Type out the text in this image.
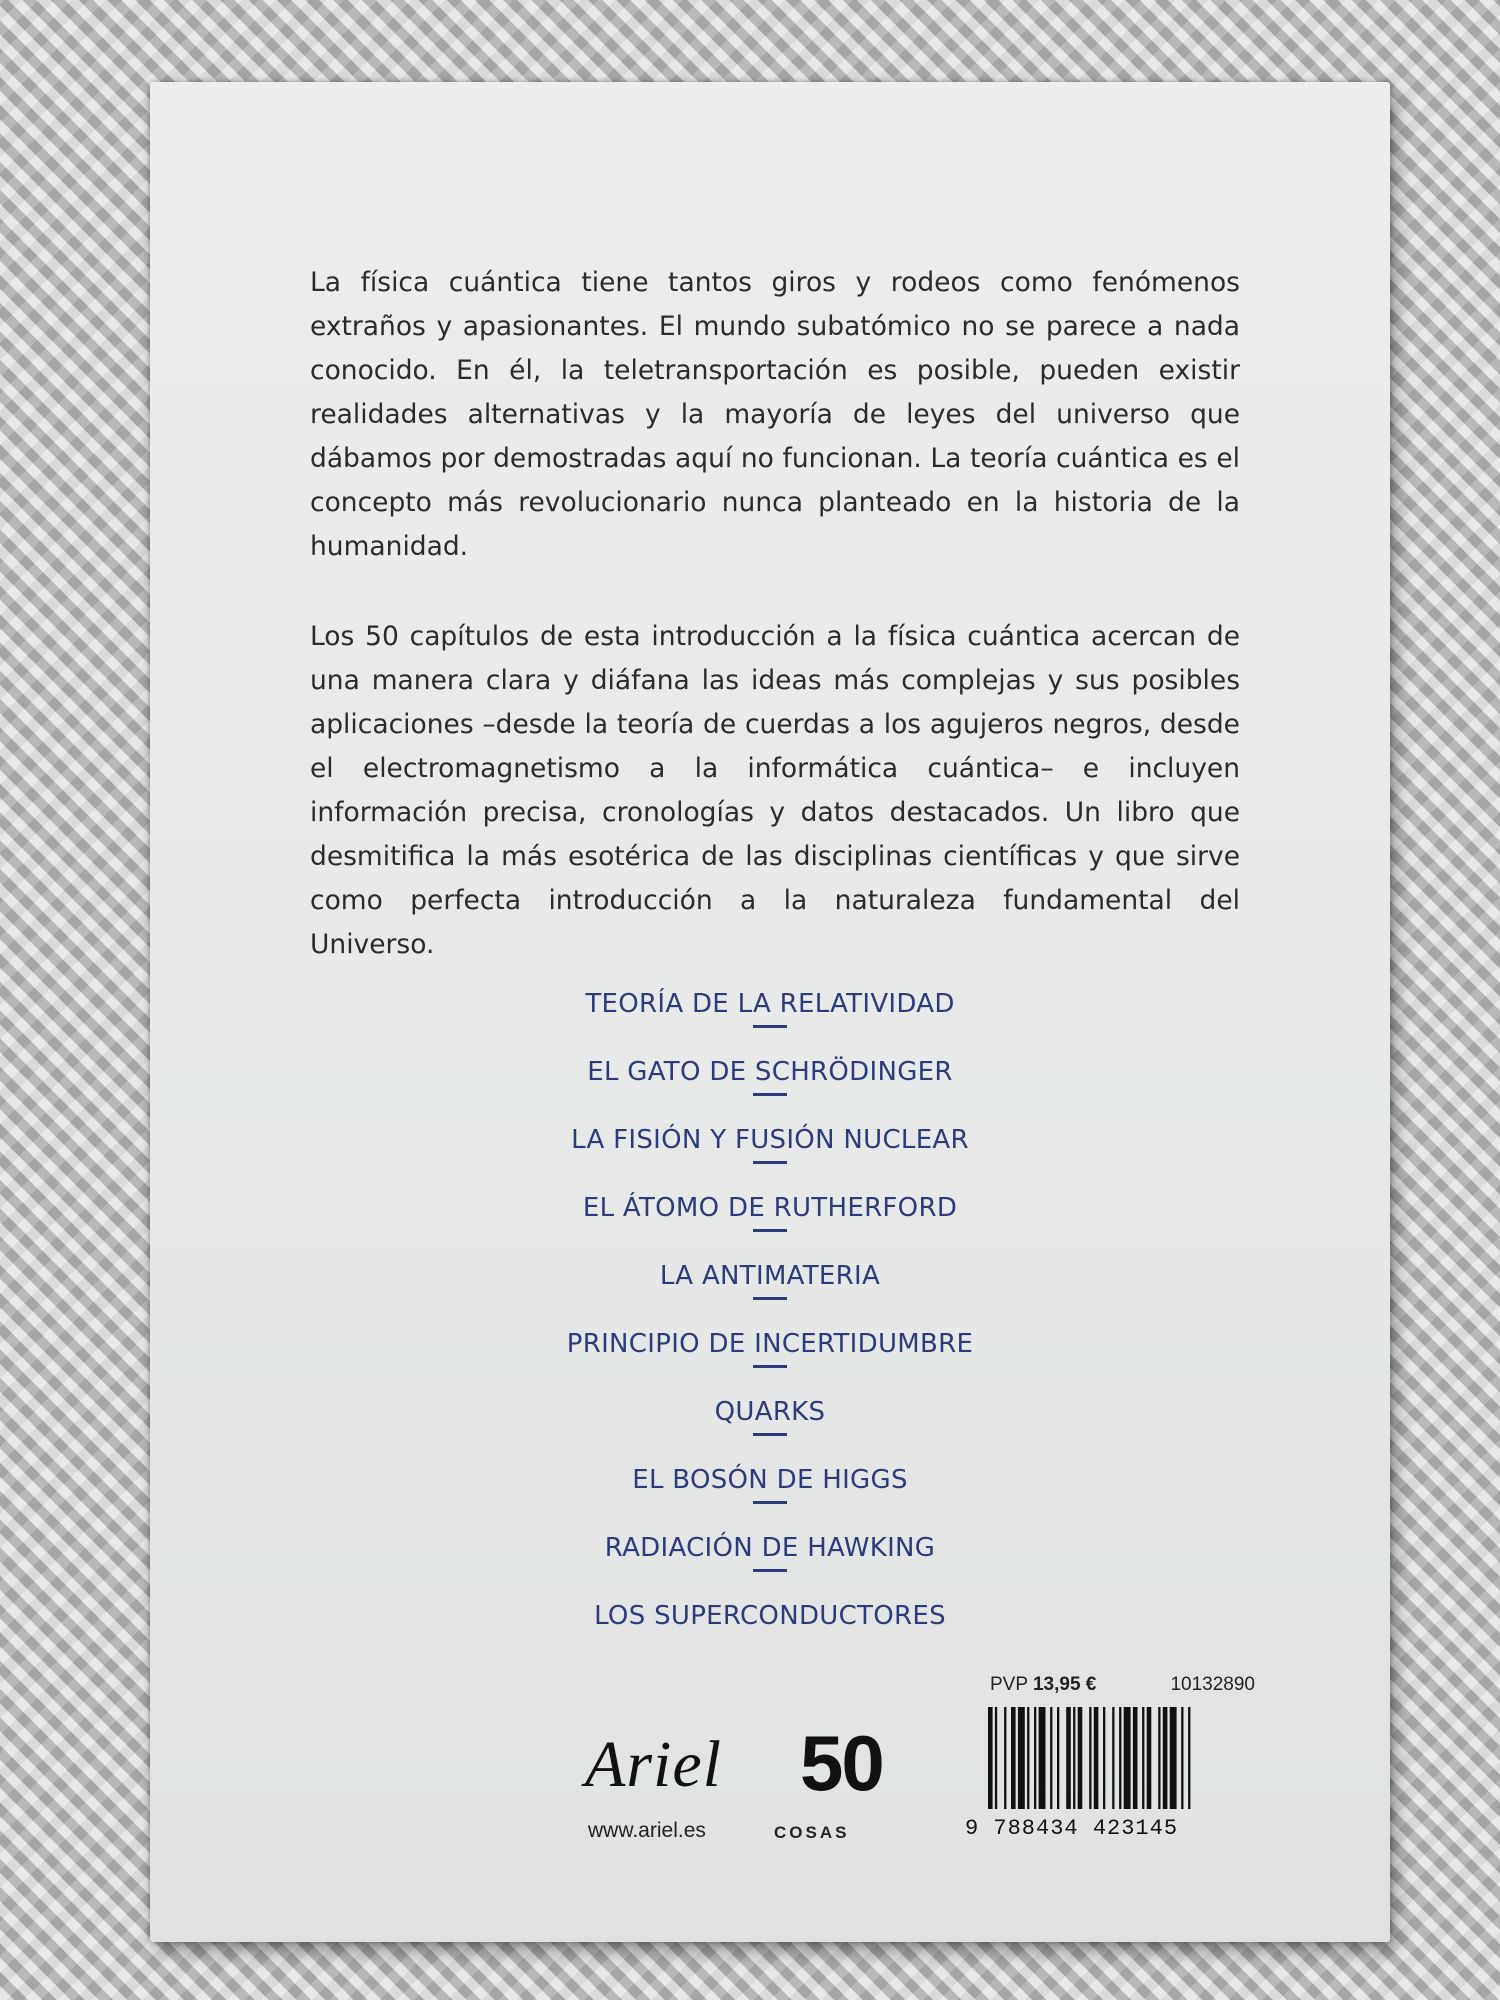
La física cuántica tiene tantos giros y rodeos como fenómenos extraños y apasionantes. El mundo subatómico no se parece a nada conocido. En él, la teletransportación es posible, pueden existir realidades alternativas y la mayoría de leyes del universo que dábamos por demostradas aquí no funcionan. La teoría cuántica es el concepto más revolucionario nunca planteado en la historia de la humanidad.

Los 50 capítulos de esta introducción a la física cuántica acercan de una manera clara y diáfana las ideas más complejas y sus posibles aplicaciones –desde la teoría de cuerdas a los agujeros negros, desde el electromagnetismo a la informática cuántica– e incluyen información precisa, cronologías y datos destacados. Un libro que desmitifica la más esotérica de las disciplinas científicas y que sirve como perfecta introducción a la naturaleza fundamental del Universo.

TEORÍA DE LA RELATIVIDAD
EL GATO DE SCHRÖDINGER
LA FISIÓN Y FUSIÓN NUCLEAR
EL ÁTOMO DE RUTHERFORD
LA ANTIMATERIA
PRINCIPIO DE INCERTIDUMBRE
QUARKS
EL BOSÓN DE HIGGS
RADIACIÓN DE HAWKING
LOS SUPERCONDUCTORES
Ariel
www.ariel.es
50
COSAS
PVP 13,95 €	10132890
9 788434 423145
